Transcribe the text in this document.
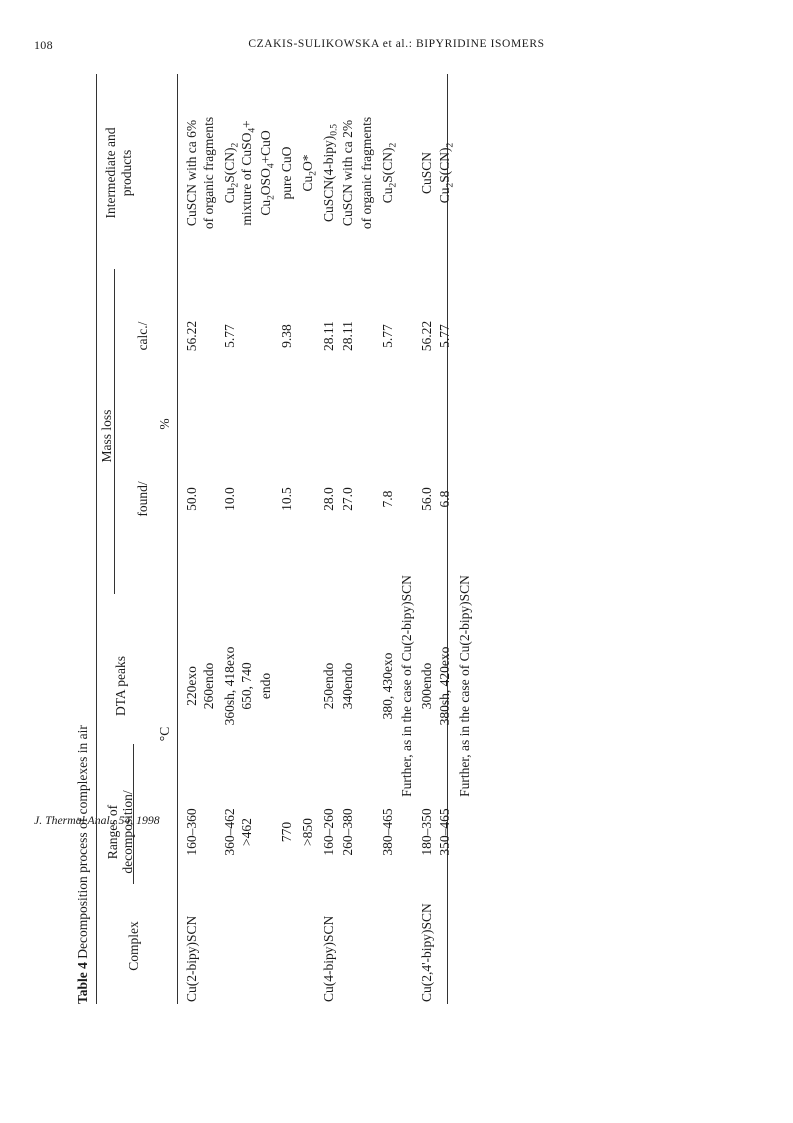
108	CZAKIS-SULIKOWSKA et al.: BIPYRIDINE ISOMERS
J. Thermal Anal., 54, 1998
Table 4 Decomposition process of complexes in air	Complex
Ranges of decomposition/
DTA peaks
°C
Mass loss
found/
calc./
%
Intermediate and products
Cu(2-bipy)SCN
160–360
220exo
50.0
56.22
CuSCN with ca 6%
260endo
of organic fragments
360–462
360sh, 418exo
10.0
5.77
$Cu_2S(CN)_2$
>462
650, 740
mixture of CuSO$_4$+
endo
$Cu_2OSO_4+CuO$
770
10.5
9.38
pure CuO
>850
$Cu_2O*$
Cu(4-bipy)SCN
160–260
250endo
28.0
28.11
$CuSCN(4-bipy)_{0.5}$
260–380
340endo
27.0
28.11
CuSCN with ca 2% of organic fragments
380–465
380, 430exo
7.8
5.77
$Cu_2S(CN)_2$
Further, as in the case of Cu(2-bipy)SCN
Cu(2,4'-bipy)SCN
180–350
300endo
56.0
56.22
CuSCN
350–465
380sh, 420exo
6.8
5.77
$Cu_2S(CN)_2$
Further, as in the case of Cu(2-bipy)SCN
